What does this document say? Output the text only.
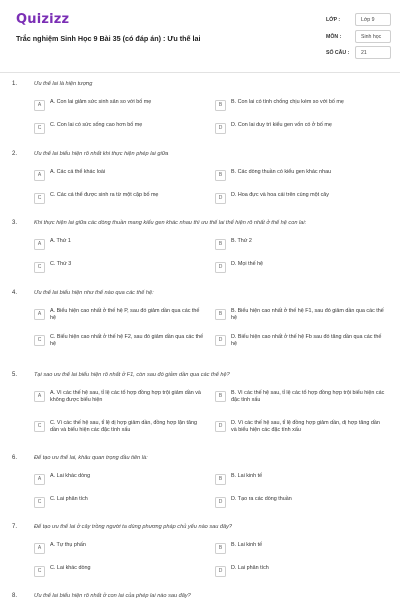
Quizizz
Trắc nghiệm Sinh Học 9 Bài 35 (có đáp án) : Ưu thế lai
LỚP :	Lớp 9
MÔN :	Sinh học
SỐ CÂU :	21
1.	Ưu thế lai là hiện tượng
A	A. Con lai giảm sức sinh sản so với bố mẹ	B	B. Con lai có tính chống chịu kém so với bố mẹ
C	C. Con lai có sức sống cao hơn bố mẹ	D	D. Con lai duy trì kiểu gen vốn có ở bố mẹ
2.	Ưu thế lai biểu hiện rõ nhất khi thực hiện phép lai giữa
A	A. Các cá thể khác loài	B	B. Các dòng thuần có kiểu gen khác nhau
C	C. Các cá thể được sinh ra từ một cặp bố mẹ	D	D. Hoa đực và hoa cái trên cùng một cây
3.	Khi thực hiện lai giữa các dòng thuần mang kiểu gen khác nhau thì ưu thế lai thể hiện rõ nhất ở thế hệ con lai:
A	A. Thứ 1	B	B. Thứ 2
C	C. Thứ 3	D	D. Mọi thế hệ
4.	Ưu thế lai biểu hiện như thế nào qua các thế hệ:
A	A. Biểu hiện cao nhất ở thế hệ P, sau đó giảm dần qua các thế hệ
B	B. Biểu hiện cao nhất ở thế hệ F1, sau đó giảm dần qua các thế hệ
C	C. Biểu hiện cao nhất ở thế hệ F2, sau đó giảm dần qua các thế hệ
D	D. Biểu hiện cao nhất ở thế hệ Fb sau đó tăng dần qua các thế hệ
5.	Tại sao ưu thế lai biểu hiện rõ nhất ở F1, còn sau đó giảm dần qua các thế hệ?
A	A. Vì các thế hệ sau, tỉ lệ các tổ hợp đồng hợp trội giảm dần và không được biểu hiện
B	B. Vì các thế hệ sau, tỉ lệ các tổ hợp đồng hợp trội biểu hiện các đặc tính xấu
C	C. Vì các thế hệ sau, tỉ lệ dị hợp giảm dần, đồng hợp lặn tăng dần và biểu hiện các đặc tính xấu
D	D. Vì các thế hệ sau, tỉ lệ đồng hợp giảm dần, dị hợp tăng dần và biểu hiện các đặc tính xấu
6.	Để tạo ưu thế lai, khâu quan trọng đầu tiên là:
A	A. Lai khác dòng	B	B. Lai kinh tế
C	C. Lai phân tích	D	D. Tạo ra các dòng thuần
7.	Để tạo ưu thế lai ở cây trồng người ta dùng phương pháp chủ yếu nào sau đây?
A	A. Tự thụ phấn	B	B. Lai kinh tế
C	C. Lai khác dòng	D	D. Lai phân tích
8.	Ưu thế lai biểu hiện rõ nhất ở con lai của phép lai nào sau đây?
